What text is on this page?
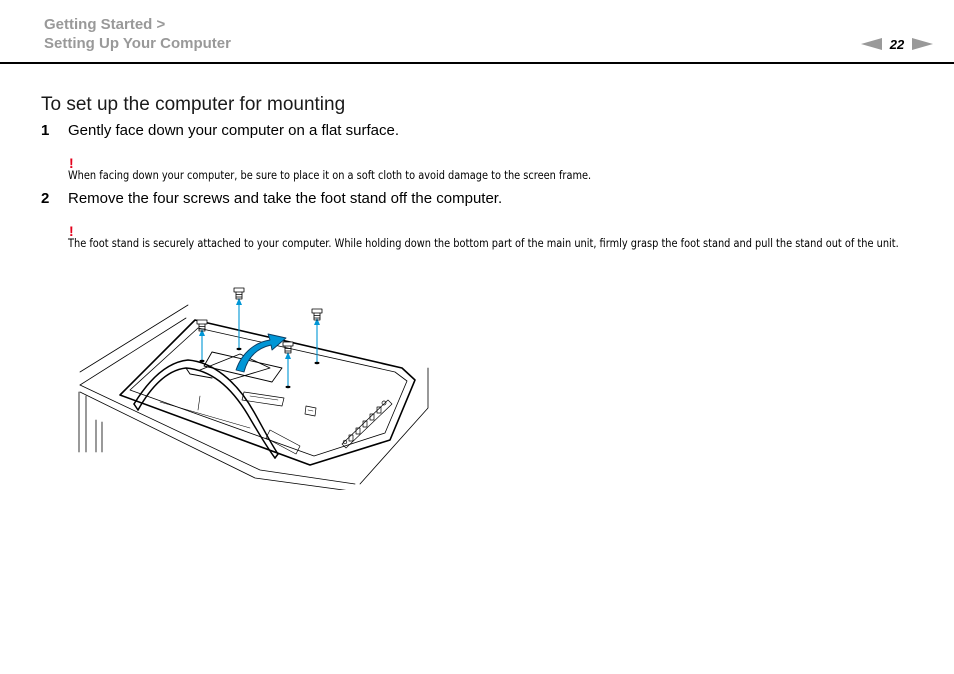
Getting Started >
Setting Up Your Computer	22
To set up the computer for mounting
1 Gently face down your computer on a flat surface.
!
When facing down your computer, be sure to place it on a soft cloth to avoid damage to the screen frame.
2 Remove the four screws and take the foot stand off the computer.
!
The foot stand is securely attached to your computer. While holding down the bottom part of the main unit, firmly grasp the foot stand and pull the stand out of the unit.
